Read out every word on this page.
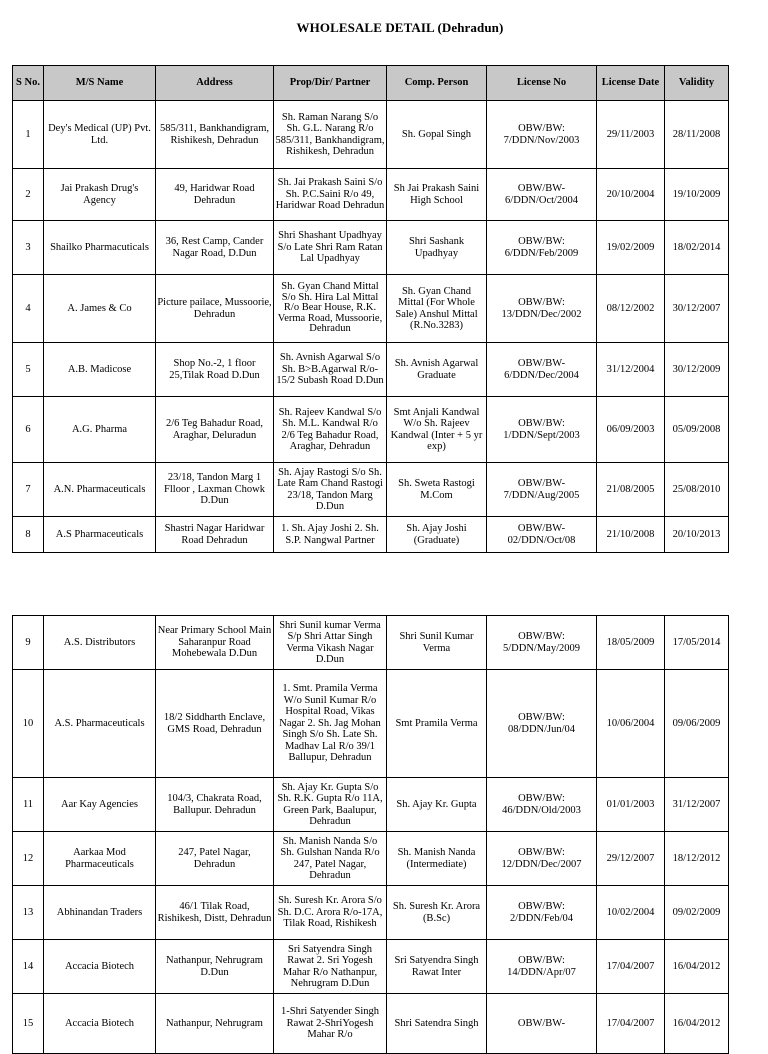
WHOLESALE DETAIL (Dehradun)
S No.	M/S Name	Address	Prop/Dir/ Partner	Comp. Person	License No	License Date	Validity
1	Dey's Medical (UP) Pvt. Ltd.	585/311, Bankhandigram, Rishikesh, Dehradun	Sh. Raman Narang S/o Sh. G.L. Narang R/o 585/311, Bankhandigram, Rishikesh, Dehradun	Sh. Gopal Singh	OBW/BW: 7/DDN/Nov/2003	29/11/2003	28/11/2008
2	Jai Prakash Drug's Agency	49, Haridwar Road Dehradun	Sh. Jai Prakash Saini S/o Sh. P.C.Saini R/o 49, Haridwar Road Dehradun	Sh Jai Prakash Saini High School	OBW/BW-6/DDN/Oct/2004	20/10/2004	19/10/2009
3	Shailko Pharmacuticals	36, Rest Camp, Cander Nagar Road, D.Dun	Shri Shashant Upadhyay S/o Late Shri Ram Ratan Lal Upadhyay	Shri Sashank Upadhyay	OBW/BW: 6/DDN/Feb/2009	19/02/2009	18/02/2014
4	A. James & Co	Picture pailace, Mussoorie, Dehradun	Sh. Gyan Chand Mittal S/o Sh. Hira Lal Mittal R/o Bear House, R.K. Verma Road, Mussoorie, Dehradun	Sh. Gyan Chand Mittal (For Whole Sale) Anshul Mittal (R.No.3283)	OBW/BW: 13/DDN/Dec/2002	08/12/2002	30/12/2007
5	A.B. Madicose	Shop No.-2, 1 floor 25,Tilak Road D.Dun	Sh. Avnish Agarwal S/o Sh. B>B.Agarwal R/o-15/2 Subash Road D.Dun	Sh. Avnish Agarwal Graduate	OBW/BW-6/DDN/Dec/2004	31/12/2004	30/12/2009
6	A.G. Pharma	2/6 Teg Bahadur Road, Araghar, Deluradun	Sh. Rajeev Kandwal S/o Sh. M.L. Kandwal R/o 2/6 Teg Bahadur Road, Araghar, Dehradun	Smt Anjali Kandwal W/o Sh. Rajeev Kandwal (Inter + 5 yr exp)	OBW/BW: 1/DDN/Sept/2003	06/09/2003	05/09/2008
7	A.N. Pharmaceuticals	23/18, Tandon Marg 1 Flloor , Laxman Chowk D.Dun	Sh. Ajay Rastogi S/o Sh. Late Ram Chand Rastogi 23/18, Tandon Marg D.Dun	Sh. Sweta Rastogi M.Com	OBW/BW-7/DDN/Aug/2005	21/08/2005	25/08/2010
8	A.S Pharmaceuticals	Shastri Nagar Haridwar Road Dehradun	1. Sh. Ajay Joshi 2. Sh. S.P. Nangwal Partner	Sh. Ajay Joshi (Graduate)	OBW/BW-02/DDN/Oct/08	21/10/2008	20/10/2013
9	A.S. Distributors	Near Primary School Main Saharanpur Road Mohebewala D.Dun	Shri Sunil kumar Verma S/p Shri Attar Singh Verma Vikash Nagar D.Dun	Shri Sunil Kumar Verma	OBW/BW: 5/DDN/May/2009	18/05/2009	17/05/2014
10	A.S. Pharmaceuticals	18/2 Siddharth Enclave, GMS Road, Dehradun	1. Smt. Pramila Verma W/o Sunil Kumar R/o Hospital Road, Vikas Nagar 2. Sh. Jag Mohan Singh S/o Sh. Late Sh. Madhav Lal R/o 39/1 Ballupur, Dehradun	Smt Pramila Verma	OBW/BW: 08/DDN/Jun/04	10/06/2004	09/06/2009
11	Aar Kay Agencies	104/3, Chakrata Road, Ballupur. Dehradun	Sh. Ajay Kr. Gupta S/o Sh. R.K. Gupta R/o 11A, Green Park, Baalupur, Dehradun	Sh. Ajay Kr. Gupta	OBW/BW: 46/DDN/Old/2003	01/01/2003	31/12/2007
12	Aarkaa Mod Pharmaceuticals	247, Patel Nagar, Dehradun	Sh. Manish Nanda S/o Sh. Gulshan Nanda R/o 247, Patel Nagar, Dehradun	Sh. Manish Nanda (Intermediate)	OBW/BW: 12/DDN/Dec/2007	29/12/2007	18/12/2012
13	Abhinandan Traders	46/1 Tilak Road, Rishikesh, Distt, Dehradun	Sh. Suresh Kr. Arora S/o Sh. D.C. Arora R/o-17A, Tilak Road, Rishikesh	Sh. Suresh Kr. Arora (B.Sc)	OBW/BW: 2/DDN/Feb/04	10/02/2004	09/02/2009
14	Accacia Biotech	Nathanpur, Nehrugram D.Dun	Sri Satyendra Singh Rawat 2. Sri Yogesh Mahar R/o Nathanpur, Nehrugram D.Dun	Sri Satyendra Singh Rawat Inter	OBW/BW: 14/DDN/Apr/07	17/04/2007	16/04/2012
15	Accacia Biotech	Nathanpur, Nehrugram	1-Shri Satyender Singh Rawat 2-ShriYogesh Mahar R/o	Shri Satendra Singh	OBW/BW-	17/04/2007	16/04/2012
